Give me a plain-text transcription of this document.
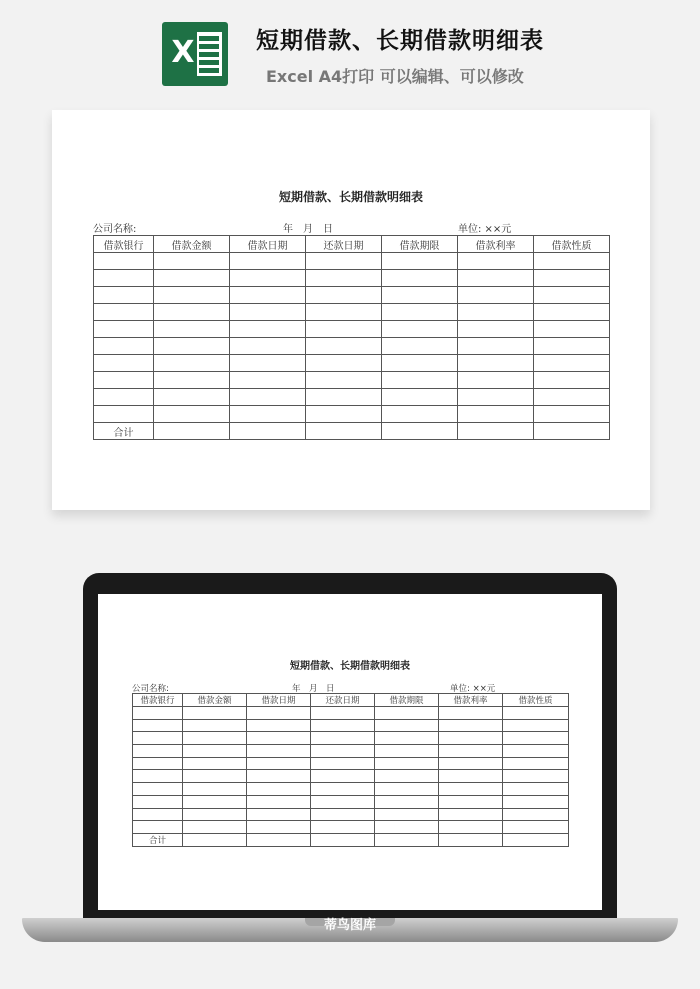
X	短期借款、长期借款明细表
Excel A4打印 可以编辑、可以修改
短期借款、长期借款明细表
公司名称:	年　月　日	单位: ××元
借款银行	借款金额	借款日期	还款日期	借款期限	借款利率	借款性质

合计						
短期借款、长期借款明细表
公司名称:	年　月　日	单位: ××元
借款银行	借款金额	借款日期	还款日期	借款期限	借款利率	借款性质

合计						
蒂鸟图库
